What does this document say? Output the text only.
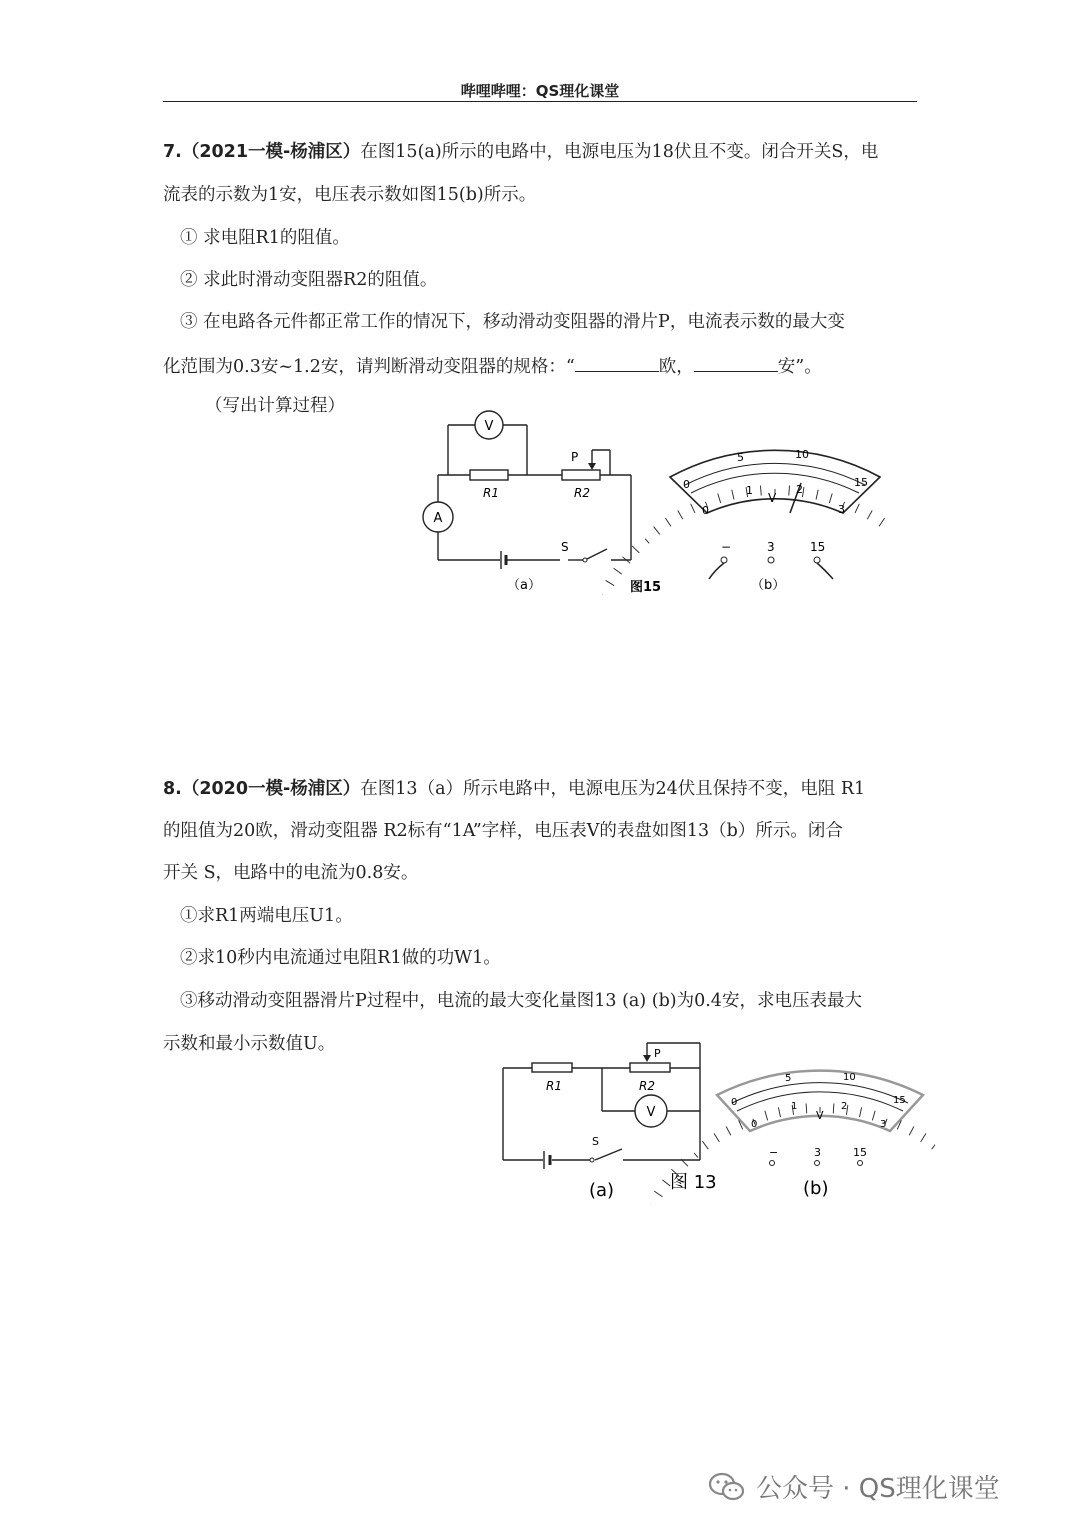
哔哩哔哩：QS理化课堂
7.（2021一模-杨浦区）在图15(a)所示的电路中，电源电压为18伏且不变。闭合开关S，电
流表的示数为1安，电压表示数如图15(b)所示。
① 求电阻R1的阻值。
② 求此时滑动变阻器R2的阻值。
③ 在电路各元件都正常工作的情况下，移动滑动变阻器的滑片P，电流表示数的最大变
化范围为0.3安~1.2安，请判断滑动变阻器的规格：“	欧，	安”。
（写出计算过程）
A
V
P
R1	R2
S
（a）	图15
0
5	10
15
0
1	2
3
V
−	3	15
（b）
8.（2020一模-杨浦区）在图13（a）所示电路中，电源电压为24伏且保持不变，电阻 R1
的阻值为20欧，滑动变阻器 R2标有“1A”字样，电压表V的表盘如图13（b）所示。闭合
开关 S，电路中的电流为0.8安。
①求R1两端电压U1。
②求10秒内电流通过电阻R1做的功W1。
③移动滑动变阻器滑片P过程中，电流的最大变化量图13 (a) (b)为0.4安，求电压表最大
示数和最小示数值U。
V
P
R1	R2
S
(a)	图 13
0
5	10
15
0
1	2
3
V
−	3	15
(b)
公众号 · QS理化课堂
